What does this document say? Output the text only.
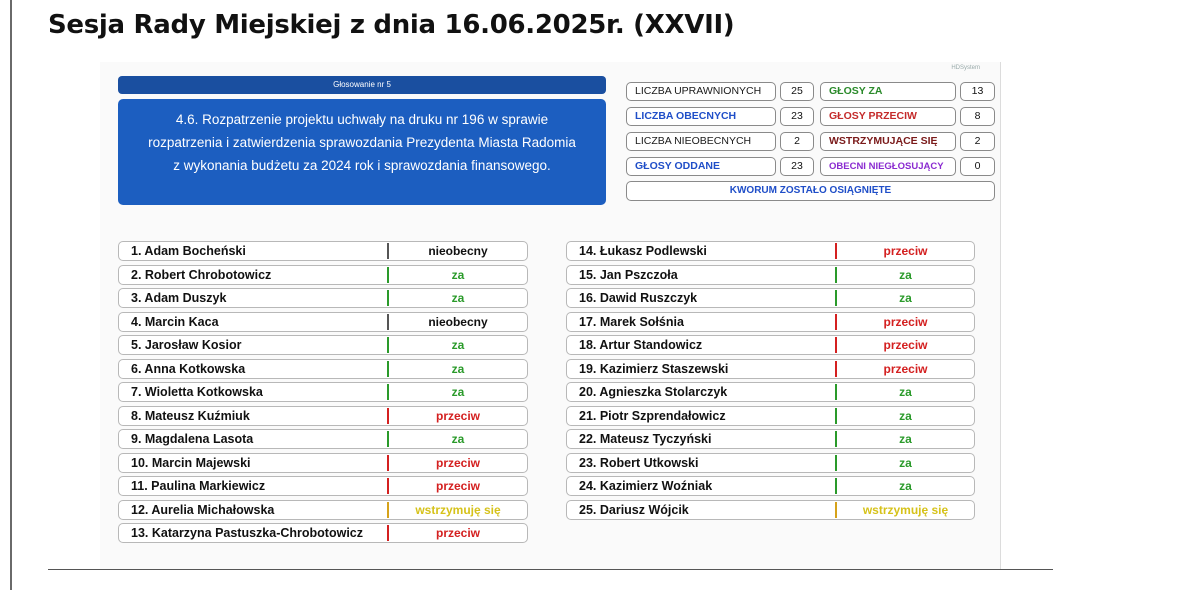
Sesja Rady Miejskiej z dnia 16.06.2025r. (XXVII)
HDSystem
Głosowanie nr 5
4.6. Rozpatrzenie projektu uchwały na druku nr 196 w sprawie rozpatrzenia i zatwierdzenia sprawozdania Prezydenta Miasta Radomia z wykonania budżetu za 2024 rok i sprawozdania finansowego.
LICZBA UPRAWNIONYCH	25
LICZBA OBECNYCH	23
LICZBA NIEOBECNYCH	2
GŁOSY ODDANE	23
GŁOSY ZA	13
GŁOSY PRZECIW	8
WSTRZYMUJĄCE SIĘ	2
OBECNI NIEGŁOSUJĄCY	0
KWORUM ZOSTAŁO OSIĄGNIĘTE
1. Adam Bocheński	nieobecny
2. Robert Chrobotowicz	za
3. Adam Duszyk	za
4. Marcin Kaca	nieobecny
5. Jarosław Kosior	za
6. Anna Kotkowska	za
7. Wioletta Kotkowska	za
8. Mateusz Kuźmiuk	przeciw
9. Magdalena Lasota	za
10. Marcin Majewski	przeciw
11. Paulina Markiewicz	przeciw
12. Aurelia Michałowska	wstrzymuję się
13. Katarzyna Pastuszka-Chrobotowicz	przeciw
14. Łukasz Podlewski	przeciw
15. Jan Pszczoła	za
16. Dawid Ruszczyk	za
17. Marek Sołśnia	przeciw
18. Artur Standowicz	przeciw
19. Kazimierz Staszewski	przeciw
20. Agnieszka Stolarczyk	za
21. Piotr Szprendałowicz	za
22. Mateusz Tyczyński	za
23. Robert Utkowski	za
24. Kazimierz Woźniak	za
25. Dariusz Wójcik	wstrzymuję się
